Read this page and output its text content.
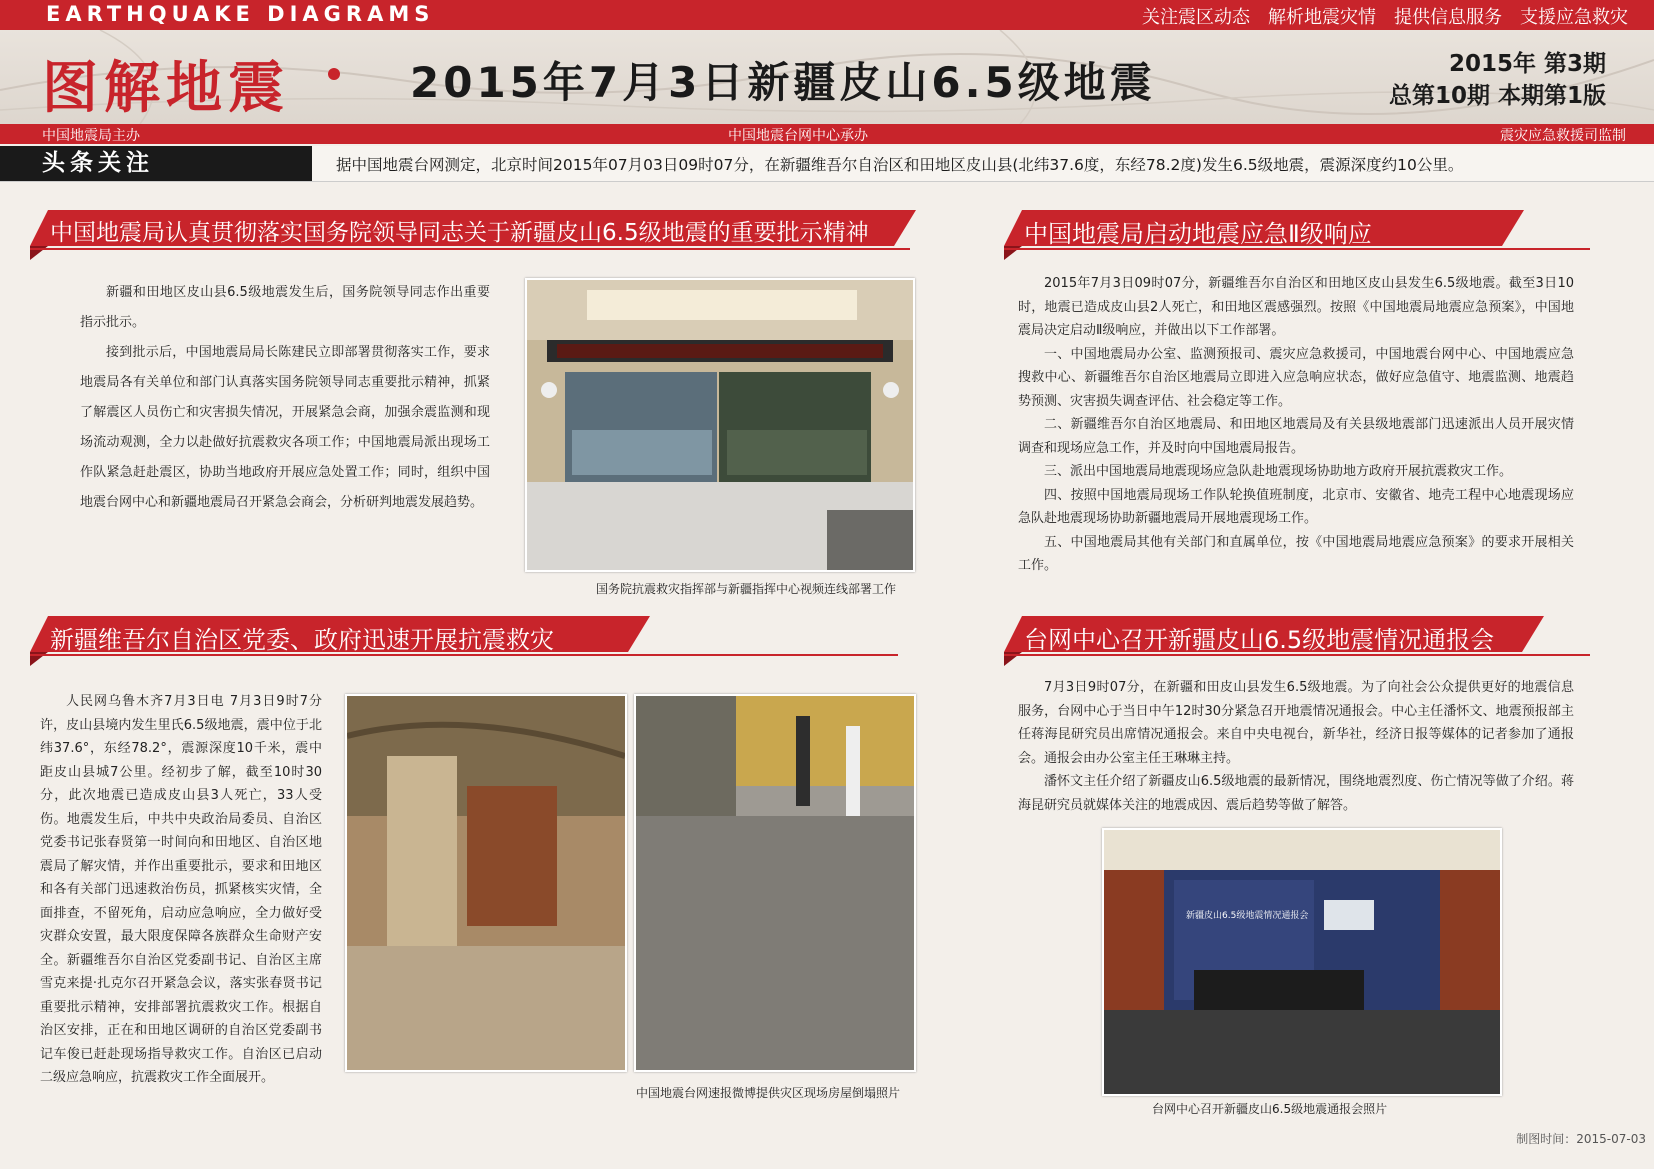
EARTHQUAKE DIAGRAMS	关注震区动态 解析地震灾情 提供信息服务 支援应急救灾
图解地震	2015年7月3日新疆皮山6.5级地震	2015年 第3期
总第10期 本期第1版
中国地震局主办	中国地震台网中心承办	震灾应急救援司监制
头条关注	据中国地震台网测定，北京时间2015年07月03日09时07分，在新疆维吾尔自治区和田地区皮山县(北纬37.6度，东经78.2度)发生6.5级地震，震源深度约10公里。
中国地震局认真贯彻落实国务院领导同志关于新疆皮山6.5级地震的重要批示精神

新疆和田地区皮山县6.5级地震发生后，国务院领导同志作出重要指示批示。

接到批示后，中国地震局局长陈建民立即部署贯彻落实工作，要求地震局各有关单位和部门认真落实国务院领导同志重要批示精神，抓紧了解震区人员伤亡和灾害损失情况，开展紧急会商，加强余震监测和现场流动观测，全力以赴做好抗震救灾各项工作；中国地震局派出现场工作队紧急赶赴震区，协助当地政府开展应急处置工作；同时，组织中国地震台网中心和新疆地震局召开紧急会商会，分析研判地震发展趋势。

国务院抗震救灾指挥部与新疆指挥中心视频连线部署工作
中国地震局启动地震应急Ⅱ级响应

2015年7月3日09时07分，新疆维吾尔自治区和田地区皮山县发生6.5级地震。截至3日10时，地震已造成皮山县2人死亡，和田地区震感强烈。按照《中国地震局地震应急预案》，中国地震局决定启动Ⅱ级响应，并做出以下工作部署。

一、中国地震局办公室、监测预报司、震灾应急救援司，中国地震台网中心、中国地震应急搜救中心、新疆维吾尔自治区地震局立即进入应急响应状态，做好应急值守、地震监测、地震趋势预测、灾害损失调查评估、社会稳定等工作。

二、新疆维吾尔自治区地震局、和田地区地震局及有关县级地震部门迅速派出人员开展灾情调查和现场应急工作，并及时向中国地震局报告。

三、派出中国地震局地震现场应急队赴地震现场协助地方政府开展抗震救灾工作。

四、按照中国地震局现场工作队轮换值班制度，北京市、安徽省、地壳工程中心地震现场应急队赴地震现场协助新疆地震局开展地震现场工作。

五、中国地震局其他有关部门和直属单位，按《中国地震局地震应急预案》的要求开展相关工作。

新疆维吾尔自治区党委、政府迅速开展抗震救灾

人民网乌鲁木齐7月3日电 7月3日9时7分许，皮山县境内发生里氏6.5级地震，震中位于北纬37.6°，东经78.2°，震源深度10千米，震中距皮山县城7公里。经初步了解，截至10时30分，此次地震已造成皮山县3人死亡，33人受伤。地震发生后，中共中央政治局委员、自治区党委书记张春贤第一时间向和田地区、自治区地震局了解灾情，并作出重要批示，要求和田地区和各有关部门迅速救治伤员，抓紧核实灾情，全面排查，不留死角，启动应急响应，全力做好受灾群众安置，最大限度保障各族群众生命财产安全。新疆维吾尔自治区党委副书记、自治区主席雪克来提·扎克尔召开紧急会议，落实张春贤书记重要批示精神，安排部署抗震救灾工作。根据自治区安排，正在和田地区调研的自治区党委副书记车俊已赶赴现场指导救灾工作。自治区已启动二级应急响应，抗震救灾工作全面展开。

中国地震台网速报微博提供灾区现场房屋倒塌照片
台网中心召开新疆皮山6.5级地震情况通报会

7月3日9时07分，在新疆和田皮山县发生6.5级地震。为了向社会公众提供更好的地震信息服务，台网中心于当日中午12时30分紧急召开地震情况通报会。中心主任潘怀文、地震预报部主任蒋海昆研究员出席情况通报会。来自中央电视台，新华社，经济日报等媒体的记者参加了通报会。通报会由办公室主任王琳琳主持。

潘怀文主任介绍了新疆皮山6.5级地震的最新情况，围绕地震烈度、伤亡情况等做了介绍。蒋海昆研究员就媒体关注的地震成因、震后趋势等做了解答。

新疆皮山6.5级地震情况通报会
台网中心召开新疆皮山6.5级地震通报会照片
制图时间：2015-07-03
